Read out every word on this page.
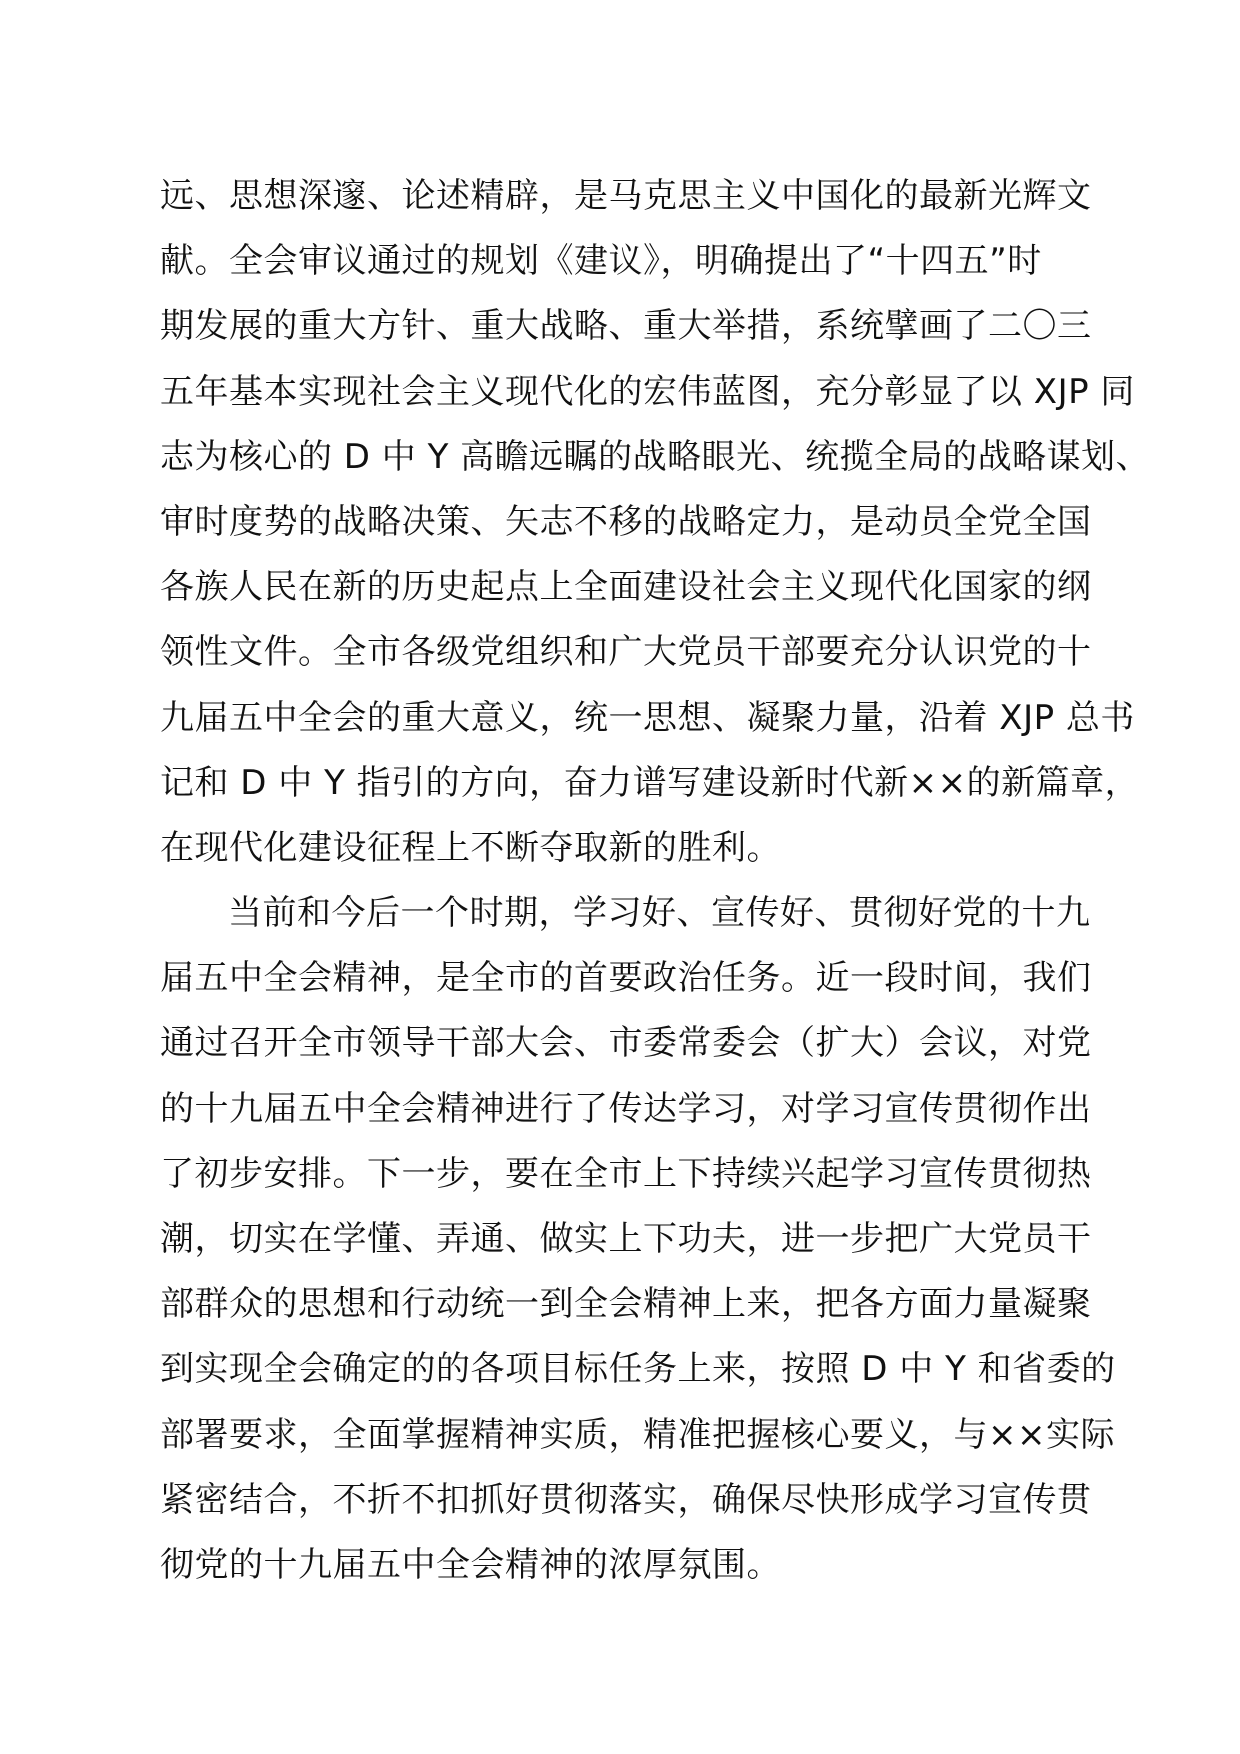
远、思想深邃、论述精辟，是马克思主义中国化的最新光辉文
献。全会审议通过的规划《建议》，明确提出了“十四五”时
期发展的重大方针、重大战略、重大举措，系统擘画了二〇三
五年基本实现社会主义现代化的宏伟蓝图，充分彰显了以 XJP 同
志为核心的 D 中 Y 高瞻远瞩的战略眼光、统揽全局的战略谋划、
审时度势的战略决策、矢志不移的战略定力，是动员全党全国
各族人民在新的历史起点上全面建设社会主义现代化国家的纲
领性文件。全市各级党组织和广大党员干部要充分认识党的十
九届五中全会的重大意义，统一思想、凝聚力量，沿着 XJP 总书
记和 D 中 Y 指引的方向，奋力谱写建设新时代新××的新篇章，
在现代化建设征程上不断夺取新的胜利。
当前和今后一个时期，学习好、宣传好、贯彻好党的十九
届五中全会精神，是全市的首要政治任务。近一段时间，我们
通过召开全市领导干部大会、市委常委会（扩大）会议，对党
的十九届五中全会精神进行了传达学习，对学习宣传贯彻作出
了初步安排。下一步，要在全市上下持续兴起学习宣传贯彻热
潮，切实在学懂、弄通、做实上下功夫，进一步把广大党员干
部群众的思想和行动统一到全会精神上来，把各方面力量凝聚
到实现全会确定的的各项目标任务上来，按照 D 中 Y 和省委的
部署要求，全面掌握精神实质，精准把握核心要义，与××实际
紧密结合，不折不扣抓好贯彻落实，确保尽快形成学习宣传贯
彻党的十九届五中全会精神的浓厚氛围。
